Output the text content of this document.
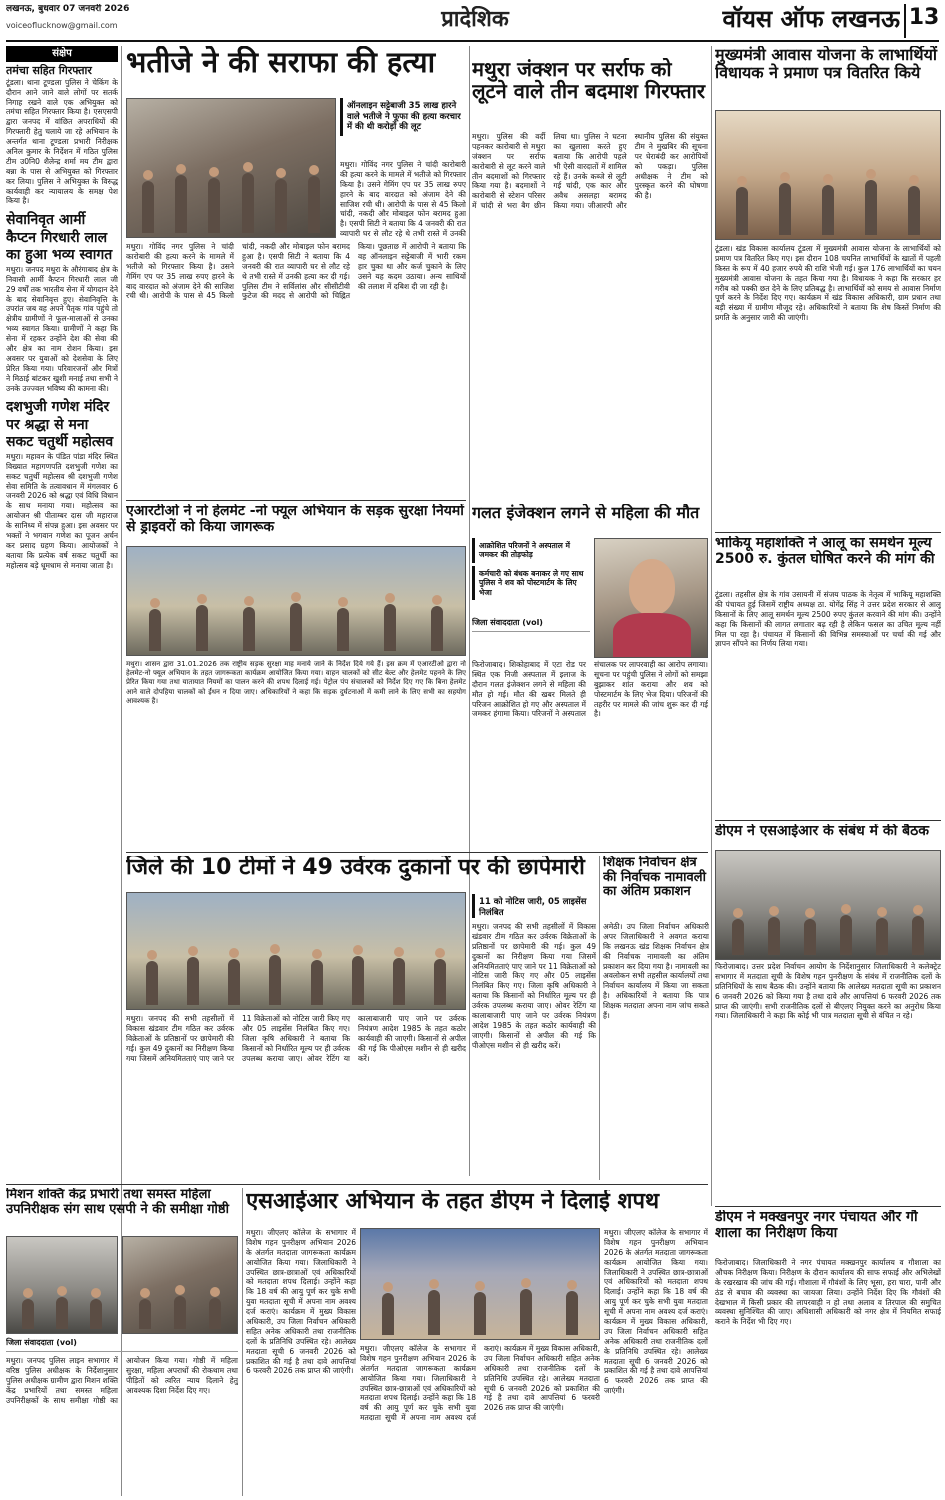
लखनऊ, बुधवार 07 जनवरी 2026
voiceoflucknow@gmail.com	प्रादेशिक	वॉयस ऑफ लखनऊ 13
संक्षेप
तमंचा सहित गिरफ्तार
टूंडला। थाना टूण्डला पुलिस ने चेकिंग के दौरान आने जाने वाले लोगों पर सतर्क निगाह रखने वाले एक अभियुक्त को तमंचा सहित गिरफ्तार किया है। एसएसपी द्वारा जनपद में वांछित अपराधियों की गिरफ्तारी हेतु चलाये जा रहे अभियान के अन्तर्गत थाना टूण्डला प्रभारी निरीक्षक अनिल कुमार के निर्देशन में गठित पुलिस टीम उ0नि0 शैलेन्द्र शर्मा मय टीम द्वारा बन्ना के पास से अभियुक्त को गिरफ्तार कर लिया। पुलिस ने अभियुक्त के विरुद्ध कार्यवाही कर न्यायालय के समक्ष पेश किया है।
सेवानिवृत आर्मी कैप्टन गिरधारी लाल का हुआ भव्य स्वागत
मथुरा। जनपद मथुरा के औरंगाबाद क्षेत्र के निवासी आर्मी कैप्टन गिरधारी लाल जी 29 वर्षों तक भारतीय सेना में योगदान देने के बाद सेवानिवृत्त हुए। सेवानिवृत्ति के उपरांत जब वह अपने पैतृक गांव पहुंचे तो क्षेत्रीय ग्रामीणों ने फूल-मालाओं से उनका भव्य स्वागत किया। ग्रामीणों ने कहा कि सेना में रहकर उन्होंने देश की सेवा की और क्षेत्र का नाम रोशन किया। इस अवसर पर युवाओं को देशसेवा के लिए प्रेरित किया गया। परिवारजनों और मित्रों ने मिठाई बांटकर खुशी मनाई तथा सभी ने उनके उज्ज्वल भविष्य की कामना की।
दशभुजी गणेश मंदिर पर श्रद्धा से मना सकट चतुर्थी महोत्सव
मथुरा। महावन के पंडित पांडा मंदिर स्थित विख्यात महागणपति दशभुजी गणेश का सकट चतुर्थी महोत्सव श्री दशभुजी गणेश सेवा समिति के तत्वावधान में मंगलवार 6 जनवरी 2026 को श्रद्धा एवं विधि विधान के साथ मनाया गया। महोत्सव का आयोजन श्री पीताम्बर दास जी महाराज के सानिध्य में संपन्न हुआ। इस अवसर पर भक्तों ने भगवान गणेश का पूजन अर्चन कर प्रसाद ग्रहण किया। आयोजकों ने बताया कि प्रत्येक वर्ष सकट चतुर्थी का महोत्सव बड़े धूमधाम से मनाया जाता है।
भतीजे ने की सराफा की हत्या
ऑनलाइन सट्टेबाजी 35 लाख हारने वाले भतीजे ने फूफा की हत्या करचार में की थी करोड़ों की लूट
मथुरा। गोविंद नगर पुलिस ने चांदी कारोबारी की हत्या करने के मामले में भतीजे को गिरफ्तार किया है। उसने गेमिंग एप पर 35 लाख रुपए हारने के बाद वारदात को अंजाम देने की साजिश रची थी। आरोपी के पास से 45 किलो चांदी, नकदी और मोबाइल फोन बरामद हुआ है। एसपी सिटी ने बताया कि 4 जनवरी की रात व्यापारी घर से लौट रहे थे तभी रास्ते में उनकी
मथुरा। गोविंद नगर पुलिस ने चांदी कारोबारी की हत्या करने के मामले में भतीजे को गिरफ्तार किया है। उसने गेमिंग एप पर 35 लाख रुपए हारने के बाद वारदात को अंजाम देने की साजिश रची थी। आरोपी के पास से 45 किलो चांदी, नकदी और मोबाइल फोन बरामद हुआ है। एसपी सिटी ने बताया कि 4 जनवरी की रात व्यापारी घर से लौट रहे थे तभी रास्ते में उनकी हत्या कर दी गई। पुलिस टीम ने सर्विलांस और सीसीटीवी फुटेज की मदद से आरोपी को चिह्नित किया। पूछताछ में आरोपी ने बताया कि वह ऑनलाइन सट्टेबाजी में भारी रकम हार चुका था और कर्ज चुकाने के लिए उसने यह कदम उठाया। अन्य साथियों की तलाश में दबिश दी जा रही है।
मथुरा जंक्शन पर सर्राफ को लूटने वाले तीन बदमाश गिरफ्तार
मथुरा। पुलिस की वर्दी पहनकर कारोबारी से मथुरा जंक्शन पर सर्राफ कारोबारी से लूट करने वाले तीन बदमाशों को गिरफ्तार किया गया है। बदमाशों ने कारोबारी से स्टेशन परिसर में चांदी से भरा बैग छीन लिया था। पुलिस ने घटना का खुलासा करते हुए बताया कि आरोपी पहले भी ऐसी वारदातों में शामिल रहे हैं। उनके कब्जे से लूटी गई चांदी, एक कार और अवैध असलहा बरामद किया गया। जीआरपी और स्थानीय पुलिस की संयुक्त टीम ने मुखबिर की सूचना पर घेराबंदी कर आरोपियों को पकड़ा। पुलिस अधीक्षक ने टीम को पुरस्कृत करने की घोषणा की है।
मुख्यमंत्री आवास योजना के लाभार्थियों विधायक ने प्रमाण पत्र वितरित किये
टूंडला। खंड विकास कार्यालय टूंडला में मुख्यमंत्री आवास योजना के लाभार्थियों को प्रमाण पत्र वितरित किए गए। इस दौरान 108 चयनित लाभार्थियों के खातों में पहली किस्त के रूप में 40 हजार रुपये की राशि भेजी गई। कुल 176 लाभार्थियों का चयन मुख्यमंत्री आवास योजना के तहत किया गया है। विधायक ने कहा कि सरकार हर गरीब को पक्की छत देने के लिए प्रतिबद्ध है। लाभार्थियों को समय से आवास निर्माण पूर्ण करने के निर्देश दिए गए। कार्यक्रम में खंड विकास अधिकारी, ग्राम प्रधान तथा बड़ी संख्या में ग्रामीण मौजूद रहे। अधिकारियों ने बताया कि शेष किस्तें निर्माण की प्रगति के अनुसार जारी की जाएंगी।
एआरटीओ ने नो हेलमेट -नो फ्यूल अभियान के सड़क सुरक्षा नियमों से ड्राइवरों को किया जागरूक
मथुरा। शासन द्वारा 31.01.2026 तक राष्ट्रीय सड़क सुरक्षा माह मनाये जाने के निर्देश दिये गये हैं। इस क्रम में एआरटीओ द्वारा नो हेलमेट-नो फ्यूल अभियान के तहत जागरूकता कार्यक्रम आयोजित किया गया। वाहन चालकों को सीट बेल्ट और हेलमेट पहनने के लिए प्रेरित किया गया तथा यातायात नियमों का पालन करने की शपथ दिलाई गई। पेट्रोल पंप संचालकों को निर्देश दिए गए कि बिना हेलमेट आने वाले दोपहिया चालकों को ईंधन न दिया जाए। अधिकारियों ने कहा कि सड़क दुर्घटनाओं में कमी लाने के लिए सभी का सहयोग आवश्यक है।
गलत इंजेक्शन लगने से महिला की मौत
आक्रोशित परिजनों ने अस्पताल में जमकर की तोड़फोड़
कर्मचारी को बंधक बनाकर ले गए साथ पुलिस ने शव को पोस्टमार्टम के लिए भेजा
जिला संवाददाता (vol)
फिरोजाबाद। शिकोहाबाद में एटा रोड पर स्थित एक निजी अस्पताल में इलाज के दौरान गलत इंजेक्शन लगने से महिला की मौत हो गई। मौत की खबर मिलते ही परिजन आक्रोशित हो गए और अस्पताल में जमकर हंगामा किया। परिजनों ने अस्पताल संचालक पर लापरवाही का आरोप लगाया। सूचना पर पहुंची पुलिस ने लोगों को समझा बुझाकर शांत कराया और शव को पोस्टमार्टम के लिए भेज दिया। परिजनों की तहरीर पर मामले की जांच शुरू कर दी गई है।
भाकियू महाशक्ति ने आलू का समर्थन मूल्य 2500 रु. कुंतल घोषित करने की मांग की
टूंडला। तहसील क्षेत्र के गांव उसायनी में संजय पाठक के नेतृत्व में भाकियू महाशक्ति की पंचायत हुई जिसमें राष्ट्रीय अध्यक्ष ठा. योगेंद्र सिंह ने उत्तर प्रदेश सरकार से आलू किसानों के लिए आलू समर्थन मूल्य 2500 रुपए कुंतल करवाने की मांग की। उन्होंने कहा कि किसानों की लागत लगातार बढ़ रही है लेकिन फसल का उचित मूल्य नहीं मिल पा रहा है। पंचायत में किसानों की विभिन्न समस्याओं पर चर्चा की गई और ज्ञापन सौंपने का निर्णय लिया गया।
डीएम ने एसआईआर के संबंध में की बैठक
फिरोजाबाद। उत्तर प्रदेश निर्वाचन आयोग के निर्देशानुसार जिलाधिकारी ने कलेक्ट्रेट सभागार में मतदाता सूची के विशेष गहन पुनरीक्षण के संबंध में राजनीतिक दलों के प्रतिनिधियों के साथ बैठक की। उन्होंने बताया कि आलेख्य मतदाता सूची का प्रकाशन 6 जनवरी 2026 को किया गया है तथा दावे और आपत्तियां 6 फरवरी 2026 तक प्राप्त की जाएंगी। सभी राजनीतिक दलों से बीएलए नियुक्त करने का अनुरोध किया गया। जिलाधिकारी ने कहा कि कोई भी पात्र मतदाता सूची से वंचित न रहे।
जिले की 10 टीमों ने 49 उर्वरक दुकानों पर की छापेमारी
11 को नोटिस जारी, 05 लाइसेंस निलंबित
मथुरा। जनपद की सभी तहसीलों में विकास खंडवार टीम गठित कर उर्वरक विक्रेताओं के प्रतिष्ठानों पर छापेमारी की गई। कुल 49 दुकानों का निरीक्षण किया गया जिसमें अनियमितताएं पाए जाने पर 11 विक्रेताओं को नोटिस जारी किए गए और 05 लाइसेंस निलंबित किए गए। जिला कृषि अधिकारी ने बताया कि किसानों को निर्धारित मूल्य पर ही उर्वरक उपलब्ध कराया जाए। ओवर रेटिंग या कालाबाजारी पाए जाने पर उर्वरक नियंत्रण आदेश 1985 के तहत कठोर कार्यवाही की जाएगी। किसानों से अपील की गई कि पीओएस मशीन से ही खरीद करें।
मथुरा। जनपद की सभी तहसीलों में विकास खंडवार टीम गठित कर उर्वरक विक्रेताओं के प्रतिष्ठानों पर छापेमारी की गई। कुल 49 दुकानों का निरीक्षण किया गया जिसमें अनियमितताएं पाए जाने पर 11 विक्रेताओं को नोटिस जारी किए गए और 05 लाइसेंस निलंबित किए गए। जिला कृषि अधिकारी ने बताया कि किसानों को निर्धारित मूल्य पर ही उर्वरक उपलब्ध कराया जाए। ओवर रेटिंग या कालाबाजारी पाए जाने पर उर्वरक नियंत्रण आदेश 1985 के तहत कठोर कार्यवाही की जाएगी। किसानों से अपील की गई कि पीओएस मशीन से ही खरीद करें।
शिक्षक निर्वाचन क्षेत्र की निर्वाचक नामावली का अंतिम प्रकाशन
अमेठी। उप जिला निर्वाचन अधिकारी अपर जिलाधिकारी ने अवगत कराया कि लखनऊ खंड शिक्षक निर्वाचन क्षेत्र की निर्वाचक नामावली का अंतिम प्रकाशन कर दिया गया है। नामावली का अवलोकन सभी तहसील कार्यालयों तथा निर्वाचन कार्यालय में किया जा सकता है। अधिकारियों ने बताया कि पात्र शिक्षक मतदाता अपना नाम जांच सकते हैं।
मिशन शक्ति केंद्र प्रभारी तथा समस्त महिला उपनिरीक्षक संग साथ एसपी ने की समीक्षा गोष्ठी
जिला संवाददाता (vol)
मथुरा। जनपद पुलिस लाइन सभागार में वरिष्ठ पुलिस अधीक्षक के निर्देशानुसार पुलिस अधीक्षक ग्रामीण द्वारा मिशन शक्ति केंद्र प्रभारियों तथा समस्त महिला उपनिरीक्षकों के साथ समीक्षा गोष्ठी का आयोजन किया गया। गोष्ठी में महिला सुरक्षा, महिला अपराधों की रोकथाम तथा पीड़ितों को त्वरित न्याय दिलाने हेतु आवश्यक दिशा निर्देश दिए गए।
एसआईआर अभियान के तहत डीएम ने दिलाई शपथ
मथुरा। जीएलए कॉलेज के सभागार में विशेष गहन पुनरीक्षण अभियान 2026 के अंतर्गत मतदाता जागरूकता कार्यक्रम आयोजित किया गया। जिलाधिकारी ने उपस्थित छात्र-छात्राओं एवं अधिकारियों को मतदाता शपथ दिलाई। उन्होंने कहा कि 18 वर्ष की आयु पूर्ण कर चुके सभी युवा मतदाता सूची में अपना नाम अवश्य दर्ज कराएं। कार्यक्रम में मुख्य विकास अधिकारी, उप जिला निर्वाचन अधिकारी सहित अनेक अधिकारी तथा राजनीतिक दलों के प्रतिनिधि उपस्थित रहे। आलेख्य मतदाता सूची 6 जनवरी 2026 को प्रकाशित की गई है तथा दावे आपत्तियां 6 फरवरी 2026 तक प्राप्त की जाएंगी।
मथुरा। जीएलए कॉलेज के सभागार में विशेष गहन पुनरीक्षण अभियान 2026 के अंतर्गत मतदाता जागरूकता कार्यक्रम आयोजित किया गया। जिलाधिकारी ने उपस्थित छात्र-छात्राओं एवं अधिकारियों को मतदाता शपथ दिलाई। उन्होंने कहा कि 18 वर्ष की आयु पूर्ण कर चुके सभी युवा मतदाता सूची में अपना नाम अवश्य दर्ज कराएं। कार्यक्रम में मुख्य विकास अधिकारी, उप जिला निर्वाचन अधिकारी सहित अनेक अधिकारी तथा राजनीतिक दलों के प्रतिनिधि उपस्थित रहे। आलेख्य मतदाता सूची 6 जनवरी 2026 को प्रकाशित की गई है तथा दावे आपत्तियां 6 फरवरी 2026 तक प्राप्त की जाएंगी।
मथुरा। जीएलए कॉलेज के सभागार में विशेष गहन पुनरीक्षण अभियान 2026 के अंतर्गत मतदाता जागरूकता कार्यक्रम आयोजित किया गया। जिलाधिकारी ने उपस्थित छात्र-छात्राओं एवं अधिकारियों को मतदाता शपथ दिलाई। उन्होंने कहा कि 18 वर्ष की आयु पूर्ण कर चुके सभी युवा मतदाता सूची में अपना नाम अवश्य दर्ज कराएं। कार्यक्रम में मुख्य विकास अधिकारी, उप जिला निर्वाचन अधिकारी सहित अनेक अधिकारी तथा राजनीतिक दलों के प्रतिनिधि उपस्थित रहे। आलेख्य मतदाता सूची 6 जनवरी 2026 को प्रकाशित की गई है तथा दावे आपत्तियां 6 फरवरी 2026 तक प्राप्त की जाएंगी।
डीएम ने मक्खनपुर नगर पंचायत और गौ शाला का निरीक्षण किया
फिरोजाबाद। जिलाधिकारी ने नगर पंचायत मक्खनपुर कार्यालय व गौशाला का औचक निरीक्षण किया। निरीक्षण के दौरान कार्यालय की साफ सफाई और अभिलेखों के रखरखाव की जांच की गई। गौशाला में गौवंशों के लिए भूसा, हरा चारा, पानी और ठंड से बचाव की व्यवस्था का जायजा लिया। उन्होंने निर्देश दिए कि गौवंशों की देखभाल में किसी प्रकार की लापरवाही न हो तथा अलाव व तिरपाल की समुचित व्यवस्था सुनिश्चित की जाए। अधिशासी अधिकारी को नगर क्षेत्र में नियमित सफाई कराने के निर्देश भी दिए गए।
